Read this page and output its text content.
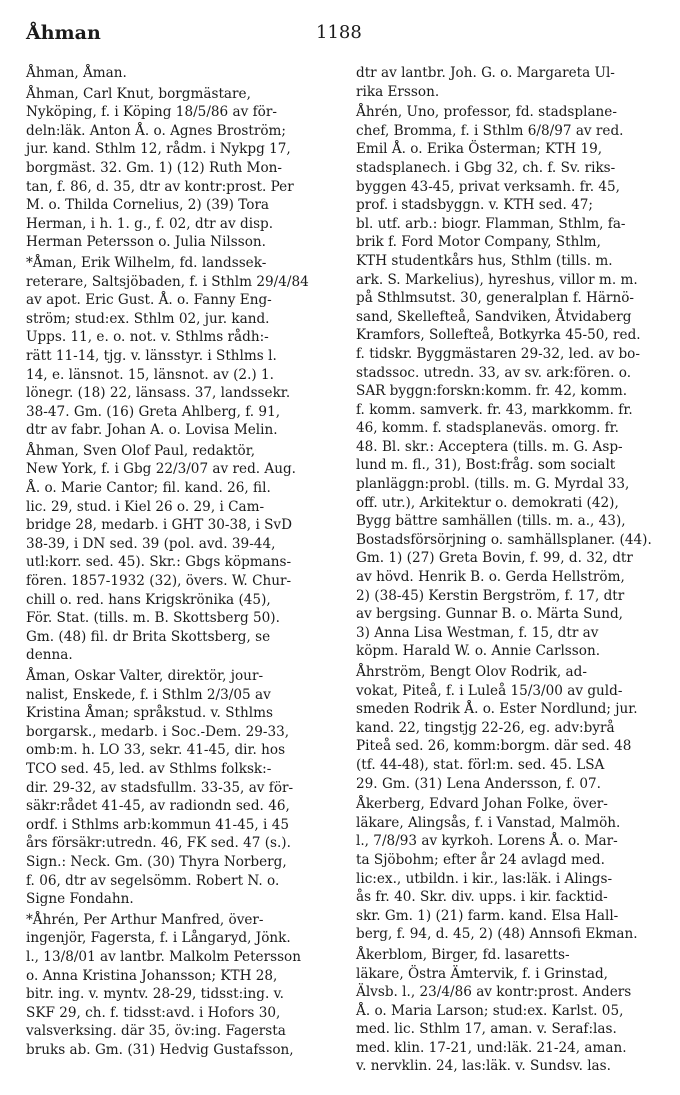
Åhman	1188
Åhman, Åman.
Åhman, Carl Knut, borgmästare,
Nyköping, f. i Köping 18/5/86 av för-
deln:läk. Anton Å. o. Agnes Broström;
jur. kand. Sthlm 12, rådm. i Nykpg 17,
borgmäst. 32. Gm. 1) (12) Ruth Mon-
tan, f. 86, d. 35, dtr av kontr:prost. Per
M. o. Thilda Cornelius, 2) (39) Tora
Herman, i h. 1. g., f. 02, dtr av disp.
Herman Petersson o. Julia Nilsson.
*Åman, Erik Wilhelm, fd. landssek-
reterare, Saltsjöbaden, f. i Sthlm 29/4/84
av apot. Eric Gust. Å. o. Fanny Eng-
ström; stud:ex. Sthlm 02, jur. kand.
Upps. 11, e. o. not. v. Sthlms rådh:-
rätt 11-14, tjg. v. länsstyr. i Sthlms l.
14, e. länsnot. 15, länsnot. av (2.) 1.
lönegr. (18) 22, länsass. 37, landssekr.
38-47. Gm. (16) Greta Ahlberg, f. 91,
dtr av fabr. Johan A. o. Lovisa Melin.
Åhman, Sven Olof Paul, redaktör,
New York, f. i Gbg 22/3/07 av red. Aug.
Å. o. Marie Cantor; fil. kand. 26, fil.
lic. 29, stud. i Kiel 26 o. 29, i Cam-
bridge 28, medarb. i GHT 30-38, i SvD
38-39, i DN sed. 39 (pol. avd. 39-44,
utl:korr. sed. 45). Skr.: Gbgs köpmans-
fören. 1857-1932 (32), övers. W. Chur-
chill o. red. hans Krigskrönika (45),
För. Stat. (tills. m. B. Skottsberg 50).
Gm. (48) fil. dr Brita Skottsberg, se
denna.
Åman, Oskar Valter, direktör, jour-
nalist, Enskede, f. i Sthlm 2/3/05 av
Kristina Åman; språkstud. v. Sthlms
borgarsk., medarb. i Soc.-Dem. 29-33,
omb:m. h. LO 33, sekr. 41-45, dir. hos
TCO sed. 45, led. av Sthlms folksk:-
dir. 29-32, av stadsfullm. 33-35, av för-
säkr:rådet 41-45, av radiondn sed. 46,
ordf. i Sthlms arb:kommun 41-45, i 45
års försäkr:utredn. 46, FK sed. 47 (s.).
Sign.: Neck. Gm. (30) Thyra Norberg,
f. 06, dtr av segelsömm. Robert N. o.
Signe Fondahn.
*Åhrén, Per Arthur Manfred, över-
ingenjör, Fagersta, f. i Långaryd, Jönk.
l., 13/8/01 av lantbr. Malkolm Petersson
o. Anna Kristina Johansson; KTH 28,
bitr. ing. v. myntv. 28-29, tidsst:ing. v.
SKF 29, ch. f. tidsst:avd. i Hofors 30,
valsverksing. där 35, öv:ing. Fagersta
bruks ab. Gm. (31) Hedvig Gustafsson,
dtr av lantbr. Joh. G. o. Margareta Ul-
rika Ersson.
Åhrén, Uno, professor, fd. stadsplane-
chef, Bromma, f. i Sthlm 6/8/97 av red.
Emil Å. o. Erika Österman; KTH 19,
stadsplanech. i Gbg 32, ch. f. Sv. riks-
byggen 43-45, privat verksamh. fr. 45,
prof. i stadsbyggn. v. KTH sed. 47;
bl. utf. arb.: biogr. Flamman, Sthlm, fa-
brik f. Ford Motor Company, Sthlm,
KTH studentkårs hus, Sthlm (tills. m.
ark. S. Markelius), hyreshus, villor m. m.
på Sthlmsutst. 30, generalplan f. Härnö-
sand, Skellefteå, Sandviken, Åtvidaberg
Kramfors, Sollefteå, Botkyrka 45-50, red.
f. tidskr. Byggmästaren 29-32, led. av bo-
stadssoc. utredn. 33, av sv. ark:fören. o.
SAR byggn:forskn:komm. fr. 42, komm.
f. komm. samverk. fr. 43, markkomm. fr.
46, komm. f. stadsplaneväs. omorg. fr.
48. Bl. skr.: Acceptera (tills. m. G. Asp-
lund m. fl., 31), Bost:fråg. som socialt
planläggn:probl. (tills. m. G. Myrdal 33,
off. utr.), Arkitektur o. demokrati (42),
Bygg bättre samhällen (tills. m. a., 43),
Bostadsförsörjning o. samhällsplaner. (44).
Gm. 1) (27) Greta Bovin, f. 99, d. 32, dtr
av hövd. Henrik B. o. Gerda Hellström,
2) (38-45) Kerstin Bergström, f. 17, dtr
av bergsing. Gunnar B. o. Märta Sund,
3) Anna Lisa Westman, f. 15, dtr av
köpm. Harald W. o. Annie Carlsson.
Åhrström, Bengt Olov Rodrik, ad-
vokat, Piteå, f. i Luleå 15/3/00 av guld-
smeden Rodrik Å. o. Ester Nordlund; jur.
kand. 22, tingstjg 22-26, eg. adv:byrå
Piteå sed. 26, komm:borgm. där sed. 48
(tf. 44-48), stat. förl:m. sed. 45. LSA
29. Gm. (31) Lena Andersson, f. 07.
Åkerberg, Edvard Johan Folke, över-
läkare, Alingsås, f. i Vanstad, Malmöh.
l., 7/8/93 av kyrkoh. Lorens Å. o. Mar-
ta Sjöbohm; efter år 24 avlagd med.
lic:ex., utbildn. i kir., las:läk. i Alings-
ås fr. 40. Skr. div. upps. i kir. facktid-
skr. Gm. 1) (21) farm. kand. Elsa Hall-
berg, f. 94, d. 45, 2) (48) Annsofi Ekman.
Åkerblom, Birger, fd. lasaretts-
läkare, Östra Ämtervik, f. i Grinstad,
Älvsb. l., 23/4/86 av kontr:prost. Anders
Å. o. Maria Larson; stud:ex. Karlst. 05,
med. lic. Sthlm 17, aman. v. Seraf:las.
med. klin. 17-21, und:läk. 21-24, aman.
v. nervklin. 24, las:läk. v. Sundsv. las.
